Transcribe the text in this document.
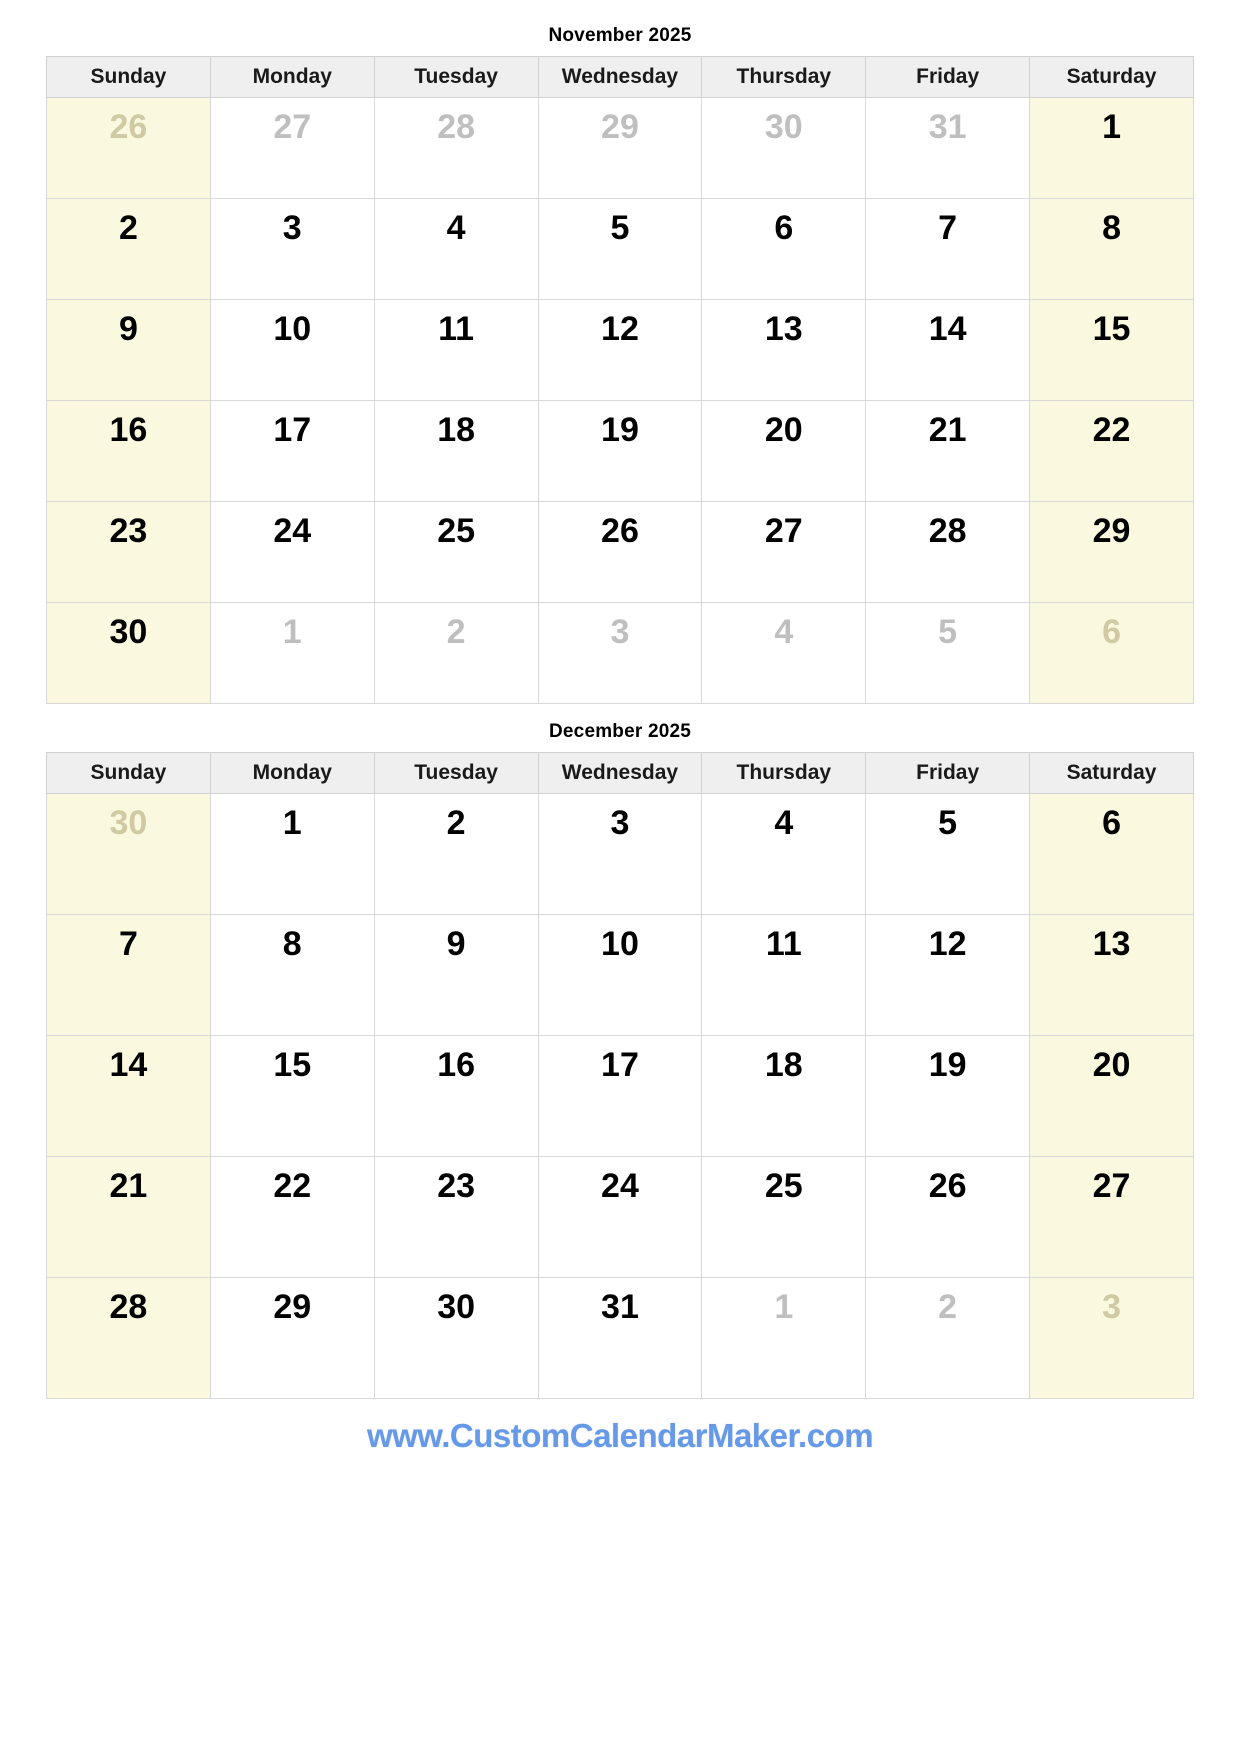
November 2025
Sunday	Monday	Tuesday	Wednesday	Thursday	Friday	Saturday

26	27	28	29	30	31	1

2	3	4	5	6	7	8

9	10	11	12	13	14	15

16	17	18	19	20	21	22

23	24	25	26	27	28	29

30	1	2	3	4	5	6
December 2025
Sunday	Monday	Tuesday	Wednesday	Thursday	Friday	Saturday

30	1	2	3	4	5	6

7	8	9	10	11	12	13

14	15	16	17	18	19	20

21	22	23	24	25	26	27

28	29	30	31	1	2	3
www.CustomCalendarMaker.com
